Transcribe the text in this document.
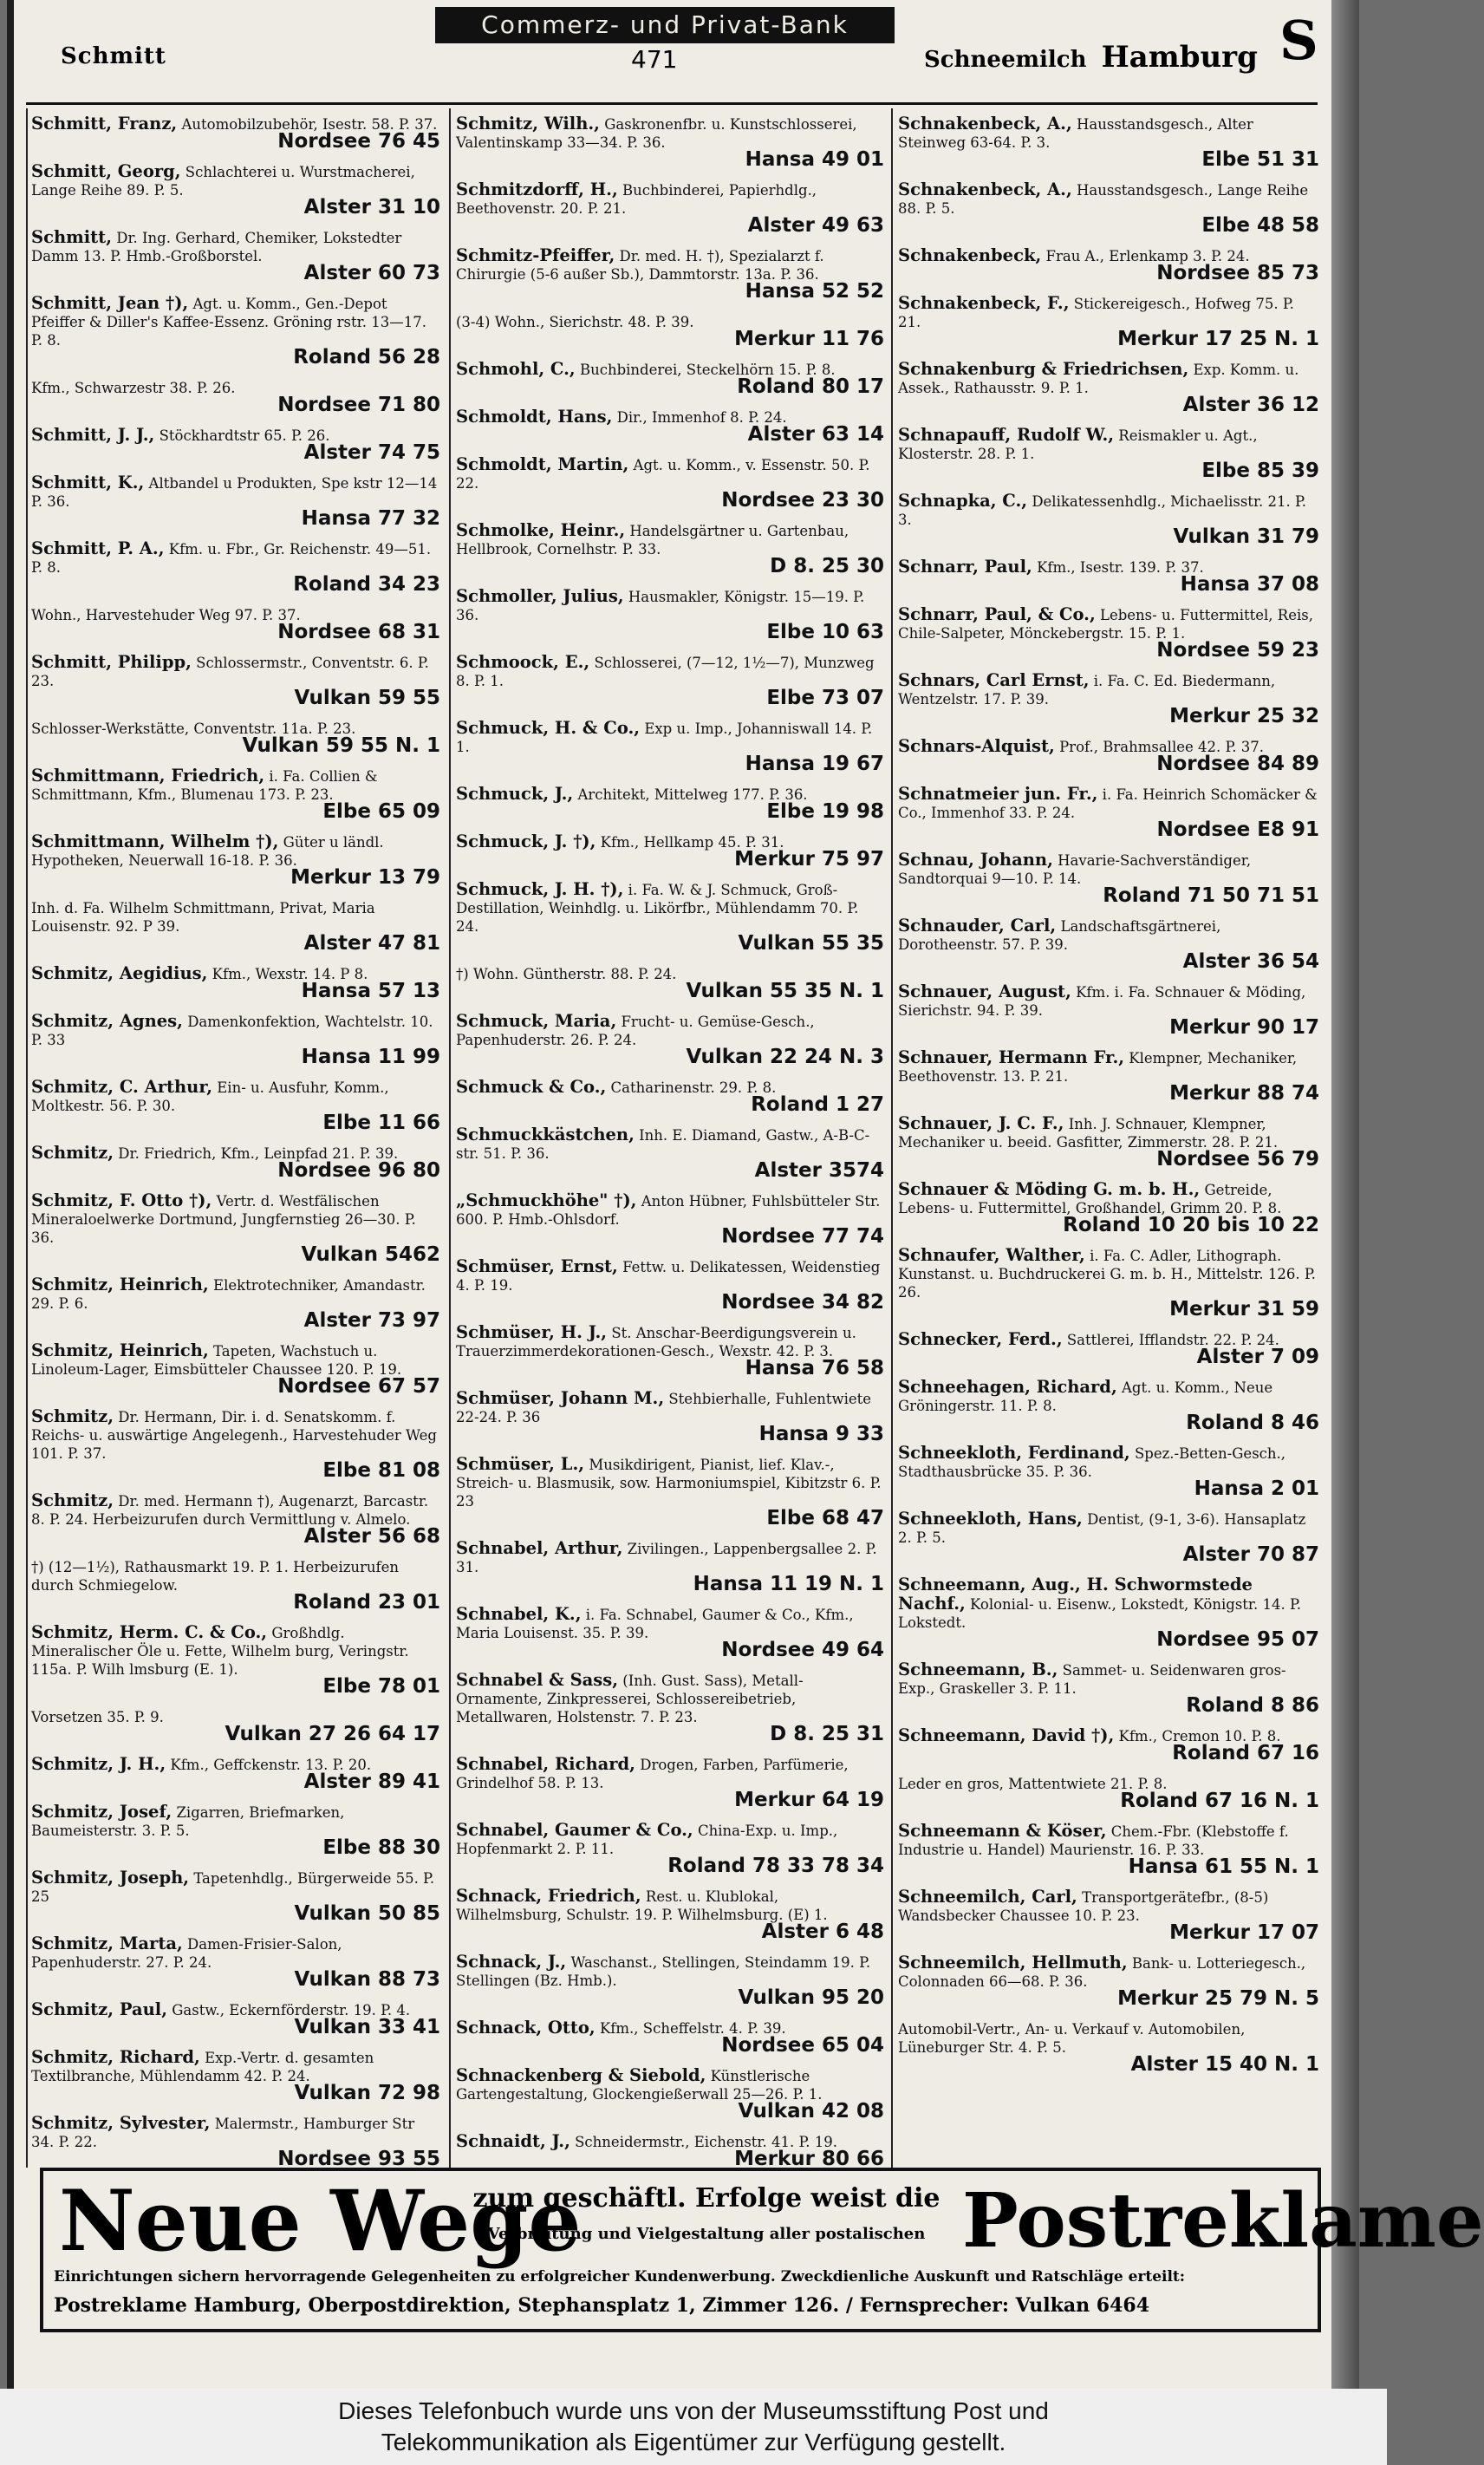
Schmitt
Commerz- und Privat-Bank
471	Schneemilch Hamburg S
Schmitt, Franz, Automobilzubehör, Isestr. 58. P. 37.
Nordsee 76 45
Schmitt, Georg, Schlachterei u. Wurstmacherei, Lange Reihe 89. P. 5.
Alster 31 10
Schmitt, Dr. Ing. Gerhard, Chemiker, Lokstedter Damm 13. P. Hmb.-Großborstel.
Alster 60 73
Schmitt, Jean †), Agt. u. Komm., Gen.-Depot Pfeiffer & Diller's Kaffee-Essenz. Gröning rstr. 13—17. P. 8.
Roland 56 28
Kfm., Schwarzestr 38. P. 26.
Nordsee 71 80
Schmitt, J. J., Stöckhardtstr 65. P. 26.
Alster 74 75
Schmitt, K., Altbandel u Produkten, Spe kstr 12—14 P. 36.
Hansa 77 32
Schmitt, P. A., Kfm. u. Fbr., Gr. Reichenstr. 49—51. P. 8.
Roland 34 23
Wohn., Harvestehuder Weg 97. P. 37.
Nordsee 68 31
Schmitt, Philipp, Schlossermstr., Conventstr. 6. P. 23.
Vulkan 59 55
Schlosser-Werkstätte, Conventstr. 11a. P. 23.
Vulkan 59 55 N. 1
Schmittmann, Friedrich, i. Fa. Collien & Schmittmann, Kfm., Blumenau 173. P. 23.
Elbe 65 09
Schmittmann, Wilhelm †), Güter u ländl. Hypotheken, Neuerwall 16-18. P. 36.
Merkur 13 79
Inh. d. Fa. Wilhelm Schmittmann, Privat, Maria Louisenstr. 92. P 39.
Alster 47 81
Schmitz, Aegidius, Kfm., Wexstr. 14. P 8.
Hansa 57 13
Schmitz, Agnes, Damenkonfektion, Wachtelstr. 10. P. 33
Hansa 11 99
Schmitz, C. Arthur, Ein- u. Ausfuhr, Komm., Moltkestr. 56. P. 30.
Elbe 11 66
Schmitz, Dr. Friedrich, Kfm., Leinpfad 21. P. 39.
Nordsee 96 80
Schmitz, F. Otto †), Vertr. d. Westfälischen Mineraloelwerke Dortmund, Jungfernstieg 26—30. P. 36.
Vulkan 5462
Schmitz, Heinrich, Elektrotechniker, Amandastr. 29. P. 6.
Alster 73 97
Schmitz, Heinrich, Tapeten, Wachstuch u. Linoleum-Lager, Eimsbütteler Chaussee 120. P. 19.
Nordsee 67 57
Schmitz, Dr. Hermann, Dir. i. d. Senatskomm. f. Reichs- u. auswärtige Angelegenh., Harvestehuder Weg 101. P. 37.
Elbe 81 08
Schmitz, Dr. med. Hermann †), Augenarzt, Barcastr. 8. P. 24. Herbeizurufen durch Vermittlung v. Almelo.
Alster 56 68
†) (12—1½), Rathausmarkt 19. P. 1. Herbeizurufen durch Schmiegelow.
Roland 23 01
Schmitz, Herm. C. & Co., Großhdlg. Mineralischer Öle u. Fette, Wilhelm burg, Veringstr. 115a. P. Wilh lmsburg (E. 1).
Elbe 78 01
Vorsetzen 35. P. 9.
Vulkan 27 26 64 17
Schmitz, J. H., Kfm., Geffckenstr. 13. P. 20.
Alster 89 41
Schmitz, Josef, Zigarren, Briefmarken, Baumeisterstr. 3. P. 5.
Elbe 88 30
Schmitz, Joseph, Tapetenhdlg., Bürgerweide 55. P. 25
Vulkan 50 85
Schmitz, Marta, Damen-Frisier-Salon, Papenhuderstr. 27. P. 24.
Vulkan 88 73
Schmitz, Paul, Gastw., Eckernförderstr. 19. P. 4.
Vulkan 33 41
Schmitz, Richard, Exp.-Vertr. d. gesamten Textilbranche, Mühlendamm 42. P. 24.
Vulkan 72 98
Schmitz, Sylvester, Malermstr., Hamburger Str 34. P. 22.
Nordsee 93 55
Schmitz, Wilh., Gaskronenfbr. u. Kunstschlosserei, Valentinskamp 33—34. P. 36.
Hansa 49 01
Schmitzdorff, H., Buchbinderei, Papierhdlg., Beethovenstr. 20. P. 21.
Alster 49 63
Schmitz-Pfeiffer, Dr. med. H. †), Spezialarzt f. Chirurgie (5-6 außer Sb.), Dammtorstr. 13a. P. 36.
Hansa 52 52
(3-4) Wohn., Sierichstr. 48. P. 39.
Merkur 11 76
Schmohl, C., Buchbinderei, Steckelhörn 15. P. 8.
Roland 80 17
Schmoldt, Hans, Dir., Immenhof 8. P. 24.
Alster 63 14
Schmoldt, Martin, Agt. u. Komm., v. Essenstr. 50. P. 22.
Nordsee 23 30
Schmolke, Heinr., Handelsgärtner u. Gartenbau, Hellbrook, Cornelhstr. P. 33.
D 8. 25 30
Schmoller, Julius, Hausmakler, Königstr. 15—19. P. 36.
Elbe 10 63
Schmoock, E., Schlosserei, (7—12, 1½—7), Munzweg 8. P. 1.
Elbe 73 07
Schmuck, H. & Co., Exp u. Imp., Johanniswall 14. P. 1.
Hansa 19 67
Schmuck, J., Architekt, Mittelweg 177. P. 36.
Elbe 19 98
Schmuck, J. †), Kfm., Hellkamp 45. P. 31.
Merkur 75 97
Schmuck, J. H. †), i. Fa. W. & J. Schmuck, Groß-Destillation, Weinhdlg. u. Likörfbr., Mühlendamm 70. P. 24.
Vulkan 55 35
†) Wohn. Güntherstr. 88. P. 24.
Vulkan 55 35 N. 1
Schmuck, Maria, Frucht- u. Gemüse-Gesch., Papenhuderstr. 26. P. 24.
Vulkan 22 24 N. 3
Schmuck & Co., Catharinenstr. 29. P. 8.
Roland 1 27
Schmuckkästchen, Inh. E. Diamand, Gastw., A-B-C-str. 51. P. 36.
Alster 3574
„Schmuckhöhe" †), Anton Hübner, Fuhlsbütteler Str. 600. P. Hmb.-Ohlsdorf.
Nordsee 77 74
Schmüser, Ernst, Fettw. u. Delikatessen, Weidenstieg 4. P. 19.
Nordsee 34 82
Schmüser, H. J., St. Anschar-Beerdigungsverein u. Trauerzimmerdekorationen-Gesch., Wexstr. 42. P. 3.
Hansa 76 58
Schmüser, Johann M., Stehbierhalle, Fuhlentwiete 22-24. P. 36
Hansa 9 33
Schmüser, L., Musikdirigent, Pianist, lief. Klav.-, Streich- u. Blasmusik, sow. Harmoniumspiel, Kibitzstr 6. P. 23
Elbe 68 47
Schnabel, Arthur, Zivilingen., Lappenbergsallee 2. P. 31.
Hansa 11 19 N. 1
Schnabel, K., i. Fa. Schnabel, Gaumer & Co., Kfm., Maria Louisenst. 35. P. 39.
Nordsee 49 64
Schnabel & Sass, (Inh. Gust. Sass), Metall-Ornamente, Zinkpresserei, Schlossereibetrieb, Metallwaren, Holstenstr. 7. P. 23.
D 8. 25 31
Schnabel, Richard, Drogen, Farben, Parfümerie, Grindelhof 58. P. 13.
Merkur 64 19
Schnabel, Gaumer & Co., China-Exp. u. Imp., Hopfenmarkt 2. P. 11.
Roland 78 33 78 34
Schnack, Friedrich, Rest. u. Klublokal, Wilhelmsburg, Schulstr. 19. P. Wilhelmsburg. (E) 1.
Alster 6 48
Schnack, J., Waschanst., Stellingen, Steindamm 19. P. Stellingen (Bz. Hmb.).
Vulkan 95 20
Schnack, Otto, Kfm., Scheffelstr. 4. P. 39.
Nordsee 65 04
Schnackenberg & Siebold, Künstlerische Gartengestaltung, Glockengießerwall 25—26. P. 1.
Vulkan 42 08
Schnaidt, J., Schneidermstr., Eichenstr. 41. P. 19.
Merkur 80 66
Schnakenbeck, A., Hausstandsgesch., Alter Steinweg 63-64. P. 3.
Elbe 51 31
Schnakenbeck, A., Hausstandsgesch., Lange Reihe 88. P. 5.
Elbe 48 58
Schnakenbeck, Frau A., Erlenkamp 3. P. 24.
Nordsee 85 73
Schnakenbeck, F., Stickereigesch., Hofweg 75. P. 21.
Merkur 17 25 N. 1
Schnakenburg & Friedrichsen, Exp. Komm. u. Assek., Rathausstr. 9. P. 1.
Alster 36 12
Schnapauff, Rudolf W., Reismakler u. Agt., Klosterstr. 28. P. 1.
Elbe 85 39
Schnapka, C., Delikatessenhdlg., Michaelisstr. 21. P. 3.
Vulkan 31 79
Schnarr, Paul, Kfm., Isestr. 139. P. 37.
Hansa 37 08
Schnarr, Paul, & Co., Lebens- u. Futtermittel, Reis, Chile-Salpeter, Mönckebergstr. 15. P. 1.
Nordsee 59 23
Schnars, Carl Ernst, i. Fa. C. Ed. Biedermann, Wentzelstr. 17. P. 39.
Merkur 25 32
Schnars-Alquist, Prof., Brahmsallee 42. P. 37.
Nordsee 84 89
Schnatmeier jun. Fr., i. Fa. Heinrich Schomäcker & Co., Immenhof 33. P. 24.
Nordsee E8 91
Schnau, Johann, Havarie-Sachverständiger, Sandtorquai 9—10. P. 14.
Roland 71 50 71 51
Schnauder, Carl, Landschaftsgärtnerei, Dorotheenstr. 57. P. 39.
Alster 36 54
Schnauer, August, Kfm. i. Fa. Schnauer & Möding, Sierichstr. 94. P. 39.
Merkur 90 17
Schnauer, Hermann Fr., Klempner, Mechaniker, Beethovenstr. 13. P. 21.
Merkur 88 74
Schnauer, J. C. F., Inh. J. Schnauer, Klempner, Mechaniker u. beeid. Gasfitter, Zimmerstr. 28. P. 21.
Nordsee 56 79
Schnauer & Möding G. m. b. H., Getreide, Lebens- u. Futtermittel, Großhandel, Grimm 20. P. 8.
Roland 10 20 bis 10 22
Schnaufer, Walther, i. Fa. C. Adler, Lithograph. Kunstanst. u. Buchdruckerei G. m. b. H., Mittelstr. 126. P. 26.
Merkur 31 59
Schnecker, Ferd., Sattlerei, Ifflandstr. 22. P. 24.
Alster 7 09
Schneehagen, Richard, Agt. u. Komm., Neue Gröningerstr. 11. P. 8.
Roland 8 46
Schneekloth, Ferdinand, Spez.-Betten-Gesch., Stadthausbrücke 35. P. 36.
Hansa 2 01
Schneekloth, Hans, Dentist, (9-1, 3-6). Hansaplatz 2. P. 5.
Alster 70 87
Schneemann, Aug., H. Schwormstede Nachf., Kolonial- u. Eisenw., Lokstedt, Königstr. 14. P. Lokstedt.
Nordsee 95 07
Schneemann, B., Sammet- u. Seidenwaren gros-Exp., Graskeller 3. P. 11.
Roland 8 86
Schneemann, David †), Kfm., Cremon 10. P. 8.
Roland 67 16
Leder en gros, Mattentwiete 21. P. 8.
Roland 67 16 N. 1
Schneemann & Köser, Chem.-Fbr. (Klebstoffe f. Industrie u. Handel) Maurienstr. 16. P. 33.
Hansa 61 55 N. 1
Schneemilch, Carl, Transportgerätefbr., (8-5) Wandsbecker Chaussee 10. P. 23.
Merkur 17 07
Schneemilch, Hellmuth, Bank- u. Lotteriegesch., Colonnaden 66—68. P. 36.
Merkur 25 79 N. 5
Automobil-Vertr., An- u. Verkauf v. Automobilen, Lüneburger Str. 4. P. 5.
Alster 15 40 N. 1
Neue Wege
zum geschäftl. Erfolge weist die
Verbreitung und Vielgestaltung aller postalischen Postreklame
Einrichtungen sichern hervorragende Gelegenheiten zu erfolgreicher Kundenwerbung. Zweckdienliche Auskunft und Ratschläge erteilt:
Postreklame Hamburg, Oberpostdirektion, Stephansplatz 1, Zimmer 126. / Fernsprecher: Vulkan 6464
Dieses Telefonbuch wurde uns von der Museumsstiftung Post und
Telekommunikation als Eigentümer zur Verfügung gestellt.
